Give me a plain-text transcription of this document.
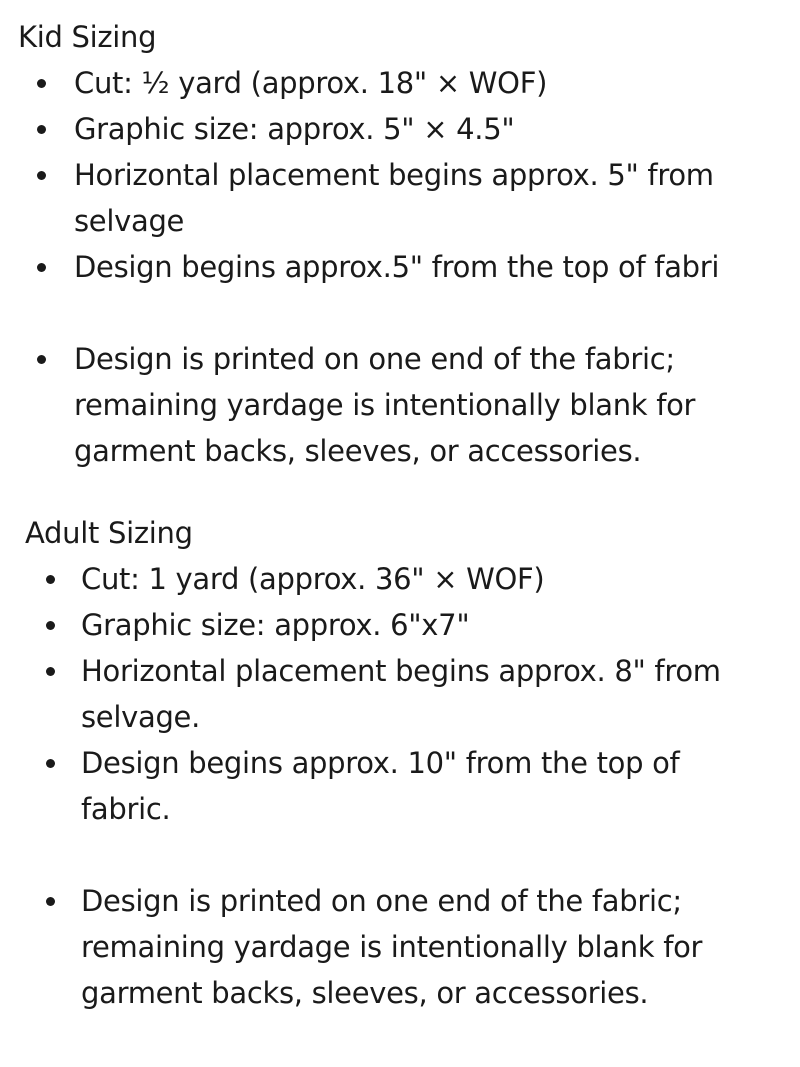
Kid Sizing
Cut: ½ yard (approx. 18" × WOF)
Graphic size: approx. 5" × 4.5"
Horizontal placement begins approx. 5" from
selvage
Design begins approx.5" from the top of fabri
Design is printed on one end of the fabric;
remaining yardage is intentionally blank for
garment backs, sleeves, or accessories.
Adult Sizing
Cut: 1 yard (approx. 36" × WOF)
Graphic size: approx. 6"x7"
Horizontal placement begins approx. 8" from
selvage.
Design begins approx. 10" from the top of
fabric.
Design is printed on one end of the fabric;
remaining yardage is intentionally blank for
garment backs, sleeves, or accessories.
